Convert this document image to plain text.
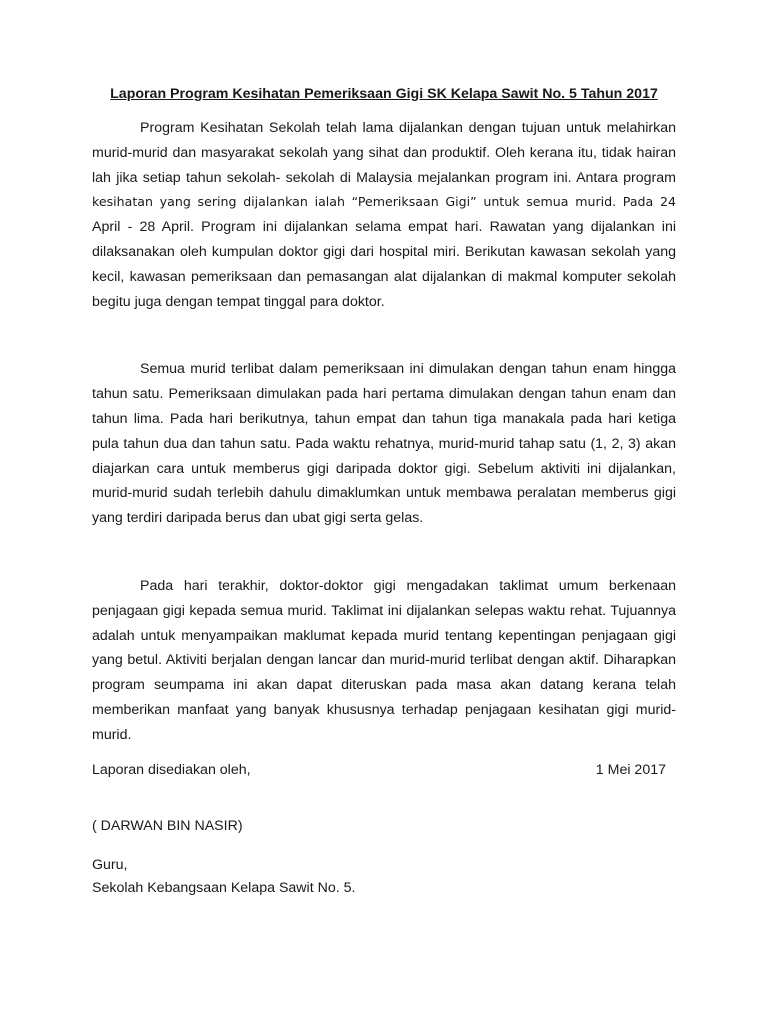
Laporan Program Kesihatan Pemeriksaan Gigi SK Kelapa Sawit No. 5 Tahun 2017
Program Kesihatan Sekolah telah lama dijalankan dengan tujuan untuk melahirkan
murid-murid dan masyarakat sekolah yang sihat dan produktif. Oleh kerana itu, tidak hairan
lah jika setiap tahun sekolah- sekolah di Malaysia mejalankan program ini. Antara program
kesihatan yang sering dijalankan ialah “Pemeriksaan Gigi” untuk semua murid. Pada 24
April - 28 April. Program ini dijalankan selama empat hari. Rawatan yang dijalankan ini
dilaksanakan oleh kumpulan doktor gigi dari hospital miri. Berikutan kawasan sekolah yang
kecil, kawasan pemeriksaan dan pemasangan alat dijalankan di makmal komputer sekolah
begitu juga dengan tempat tinggal para doktor.
Semua murid terlibat dalam pemeriksaan ini dimulakan dengan tahun enam hingga
tahun satu. Pemeriksaan dimulakan pada hari pertama dimulakan dengan tahun enam dan
tahun lima. Pada hari berikutnya, tahun empat dan tahun tiga manakala pada hari ketiga
pula tahun dua dan tahun satu. Pada waktu rehatnya, murid-murid tahap satu (1, 2, 3) akan
diajarkan cara untuk memberus gigi daripada doktor gigi. Sebelum aktiviti ini dijalankan,
murid-murid sudah terlebih dahulu dimaklumkan untuk membawa peralatan memberus gigi
yang terdiri daripada berus dan ubat gigi serta gelas.
Pada hari terakhir, doktor-doktor gigi mengadakan taklimat umum berkenaan
penjagaan gigi kepada semua murid. Taklimat ini dijalankan selepas waktu rehat. Tujuannya
adalah untuk menyampaikan maklumat kepada murid tentang kepentingan penjagaan gigi
yang betul. Aktiviti berjalan dengan lancar dan murid-murid terlibat dengan aktif. Diharapkan
program seumpama ini akan dapat diteruskan pada masa akan datang kerana telah
memberikan manfaat yang banyak khususnya terhadap penjagaan kesihatan gigi murid-
murid.
Laporan disediakan oleh,	1 Mei 2017
( DARWAN BIN NASIR)
Guru,
Sekolah Kebangsaan Kelapa Sawit No. 5.
